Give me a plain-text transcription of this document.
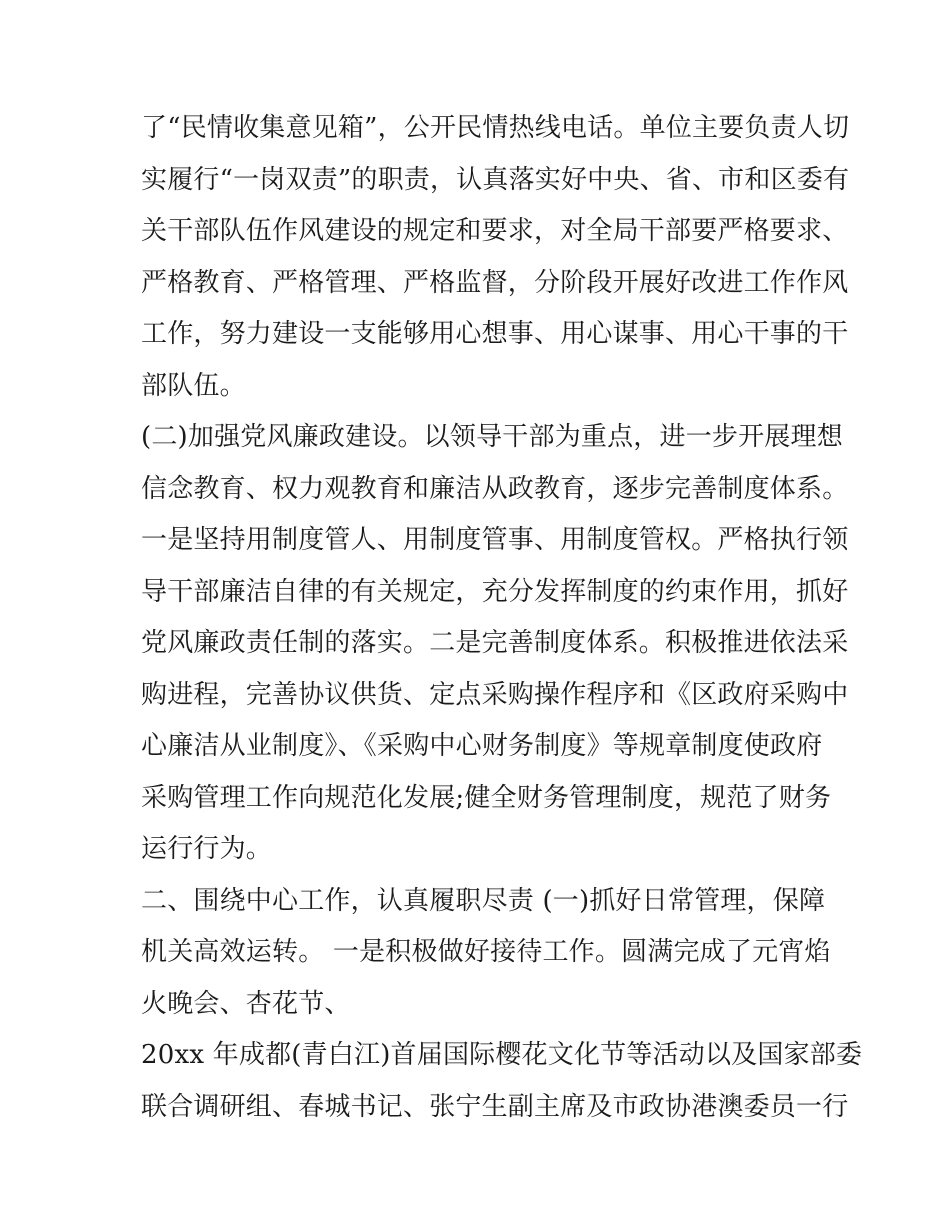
了“民情收集意见箱”，公开民情热线电话。单位主要负责人切
实履行“一岗双责”的职责，认真落实好中央、省、市和区委有
关干部队伍作风建设的规定和要求，对全局干部要严格要求、
严格教育、严格管理、严格监督，分阶段开展好改进工作作风
工作，努力建设一支能够用心想事、用心谋事、用心干事的干
部队伍。
(二)加强党风廉政建设。以领导干部为重点，进一步开展理想
信念教育、权力观教育和廉洁从政教育，逐步完善制度体系。
一是坚持用制度管人、用制度管事、用制度管权。严格执行领
导干部廉洁自律的有关规定，充分发挥制度的约束作用，抓好
党风廉政责任制的落实。二是完善制度体系。积极推进依法采
购进程，完善协议供货、定点采购操作程序和《区政府采购中
心廉洁从业制度》、《采购中心财务制度》等规章制度使政府
采购管理工作向规范化发展;健全财务管理制度，规范了财务
运行行为。
二、围绕中心工作，认真履职尽责 (一)抓好日常管理，保障
机关高效运转。 一是积极做好接待工作。圆满完成了元宵焰
火晚会、杏花节、
20xx 年成都(青白江)首届国际樱花文化节等活动以及国家部委
联合调研组、春城书记、张宁生副主席及市政协港澳委员一行
